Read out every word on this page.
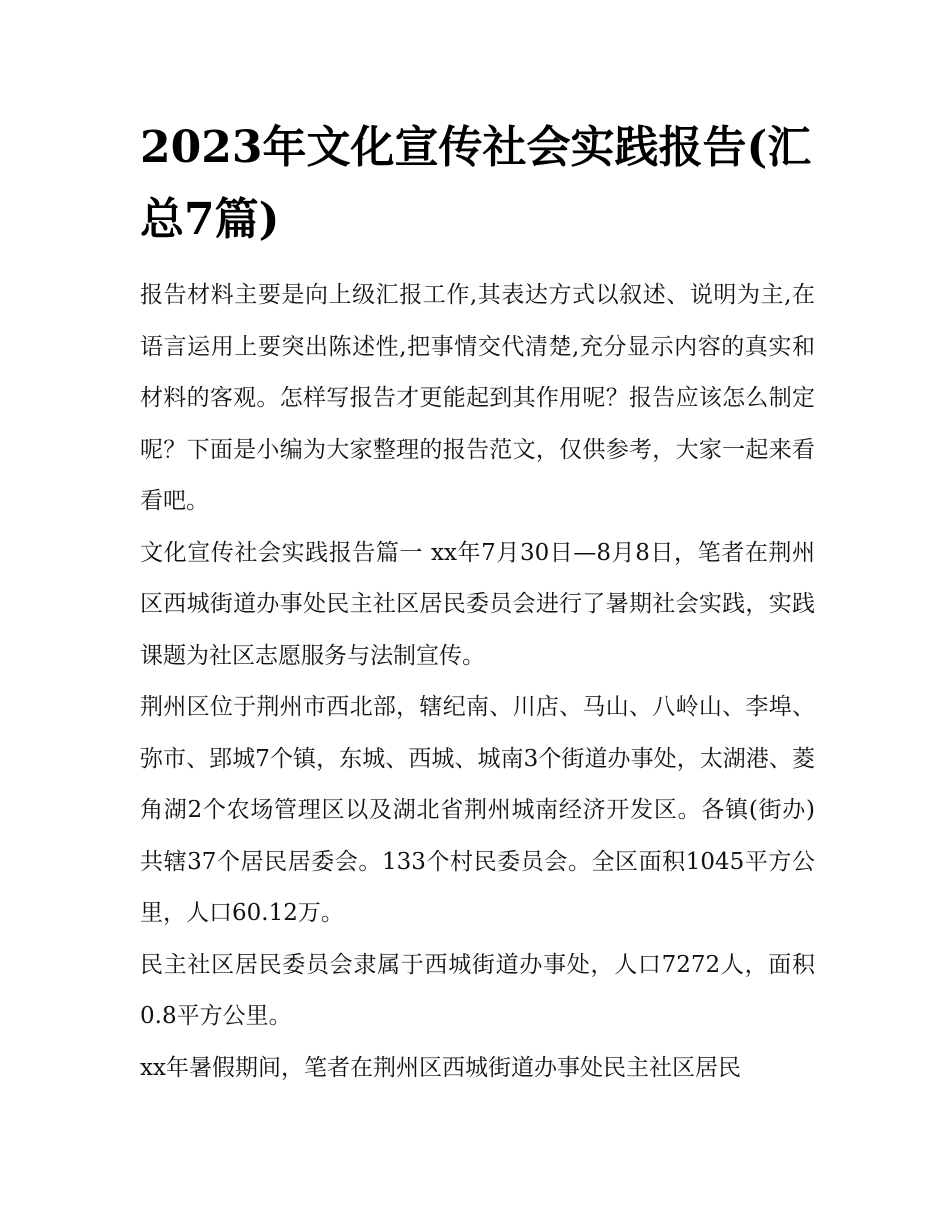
2023年文化宣传社会实践报告(汇总7篇)

报告材料主要是向上级汇报工作,其表达方式以叙述、说明为主,在语言运用上要突出陈述性,把事情交代清楚,充分显示内容的真实和材料的客观。怎样写报告才更能起到其作用呢？报告应该怎么制定呢？下面是小编为大家整理的报告范文，仅供参考，大家一起来看看吧。

文化宣传社会实践报告篇一 xx年7月30日—8月8日，笔者在荆州区西城街道办事处民主社区居民委员会进行了暑期社会实践，实践课题为社区志愿服务与法制宣传。

荆州区位于荆州市西北部，辖纪南、川店、马山、八岭山、李埠、弥市、郢城7个镇，东城、西城、城南3个街道办事处，太湖港、菱角湖2个农场管理区以及湖北省荆州城南经济开发区。各镇(街办)共辖37个居民居委会。133个村民委员会。全区面积1045平方公里，人口60.12万。

民主社区居民委员会隶属于西城街道办事处，人口7272人，面积0.8平方公里。

xx年暑假期间，笔者在荆州区西城街道办事处民主社区居民
